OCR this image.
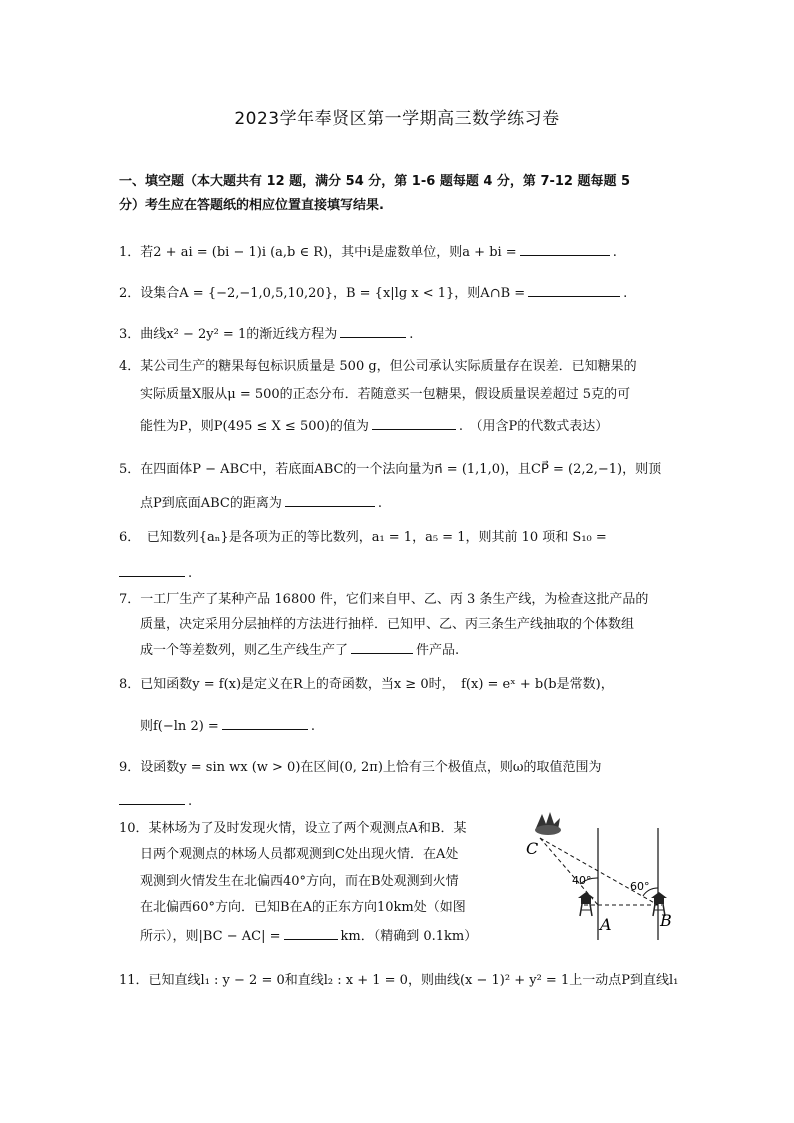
2023学年奉贤区第一学期高三数学练习卷
一、填空题（本大题共有 12 题，满分 54 分，第 1-6 题每题 4 分，第 7-12 题每题 5
分）考生应在答题纸的相应位置直接填写结果.
1．若2 + ai = (bi − 1)i (a,b ∈ R)，其中i是虚数单位，则a + bi =	.
2．设集合A = {−2,−1,0,5,10,20}，B = {x|lg x < 1}，则A∩B =	.
3．曲线x² − 2y² = 1的渐近线方程为	.
4．某公司生产的糖果每包标识质量是 500 g，但公司承认实际质量存在误差．已知糖果的
实际质量X服从μ = 500的正态分布．若随意买一包糖果，假设质量误差超过 5克的可
能性为P，则P(495 ≤ X ≤ 500)的值为	.　（用含P的代数式表达）
5．在四面体P − ABC中，若底面ABC的一个法向量为n⃗ = (1,1,0)，且CP⃗ = (2,2,−1)，则顶
点P到底面ABC的距离为	.
6．　已知数列{aₙ}是各项为正的等比数列，a₁ = 1，a₅ = 1，则其前 10 项和 S₁₀ =
.
7．一工厂生产了某种产品 16800 件，它们来自甲、乙、丙 3 条生产线，为检查这批产品的
质量，决定采用分层抽样的方法进行抽样．已知甲、乙、丙三条生产线抽取的个体数组
成一个等差数列，则乙生产线生产了	件产品.
8．已知函数y = f(x)是定义在R上的奇函数，当x ≥ 0时，　f(x) = eˣ + b(b是常数)，
则f(−ln 2) =	.
9．设函数y = sin wx (w > 0)在区间(0, 2π)上恰有三个极值点，则ω的取值范围为
.
10．某林场为了及时发现火情，设立了两个观测点A和B．某
日两个观测点的林场人员都观测到C处出现火情．在A处
观测到火情发生在北偏西40°方向，而在B处观测到火情
在北偏西60°方向．已知B在A的正东方向10km处（如图
所示），则|BC − AC| =	km．（精确到 0.1km）
C
A	B
40°	60°
11．已知直线l₁ : y − 2 = 0和直线l₂ : x + 1 = 0，则曲线(x − 1)² + y² = 1上一动点P到直线l₁
